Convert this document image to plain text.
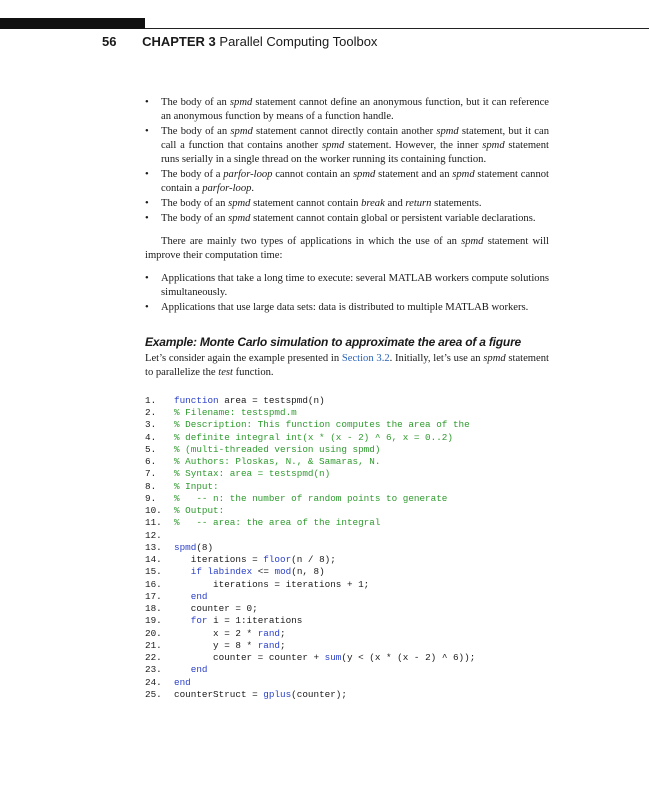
56 CHAPTER 3 Parallel Computing Toolbox
• The body of an spmd statement cannot define an anonymous function, but it can reference an anonymous function by means of a function handle.
• The body of an spmd statement cannot directly contain another spmd statement, but it can call a function that contains another spmd statement. However, the inner spmd statement runs serially in a single thread on the worker running its containing function.
• The body of a parfor-loop cannot contain an spmd statement and an spmd statement cannot contain a parfor-loop.
• The body of an spmd statement cannot contain break and return statements.
• The body of an spmd statement cannot contain global or persistent variable declarations.

There are mainly two types of applications in which the use of an spmd statement will improve their computation time:

• Applications that take a long time to execute: several MATLAB workers compute solutions simultaneously.
• Applications that use large data sets: data is distributed to multiple MATLAB workers.
Example: Monte Carlo simulation to approximate the area of a figure

Let’s consider again the example presented in Section 3.2. Initially, let’s use an spmd statement to parallelize the test function.

1. function area = testspmd(n)
2. % Filename: testspmd.m
3. % Description: This function computes the area of the
4. % definite integral int(x * (x - 2) ^ 6, x = 0..2)
5. % (multi-threaded version using spmd)
6. % Authors: Ploskas, N., & Samaras, N.
7. % Syntax: area = testspmd(n)
8. % Input:
9. %   -- n: the number of random points to generate
10. % Output:
11. %   -- area: the area of the integral
12.
13. spmd(8)
14.   iterations = floor(n / 8);
15.	if labindex <= mod(n, 8)
16.       iterations = iterations + 1;
17.	end
18.   counter = 0;
19.	for i = 1:iterations
20.       x = 2 * rand;
21.       y = 8 * rand;
22.       counter = counter + sum(y < (x * (x - 2) ^ 6));
23.	end
24. end
25. counterStruct = gplus(counter);
